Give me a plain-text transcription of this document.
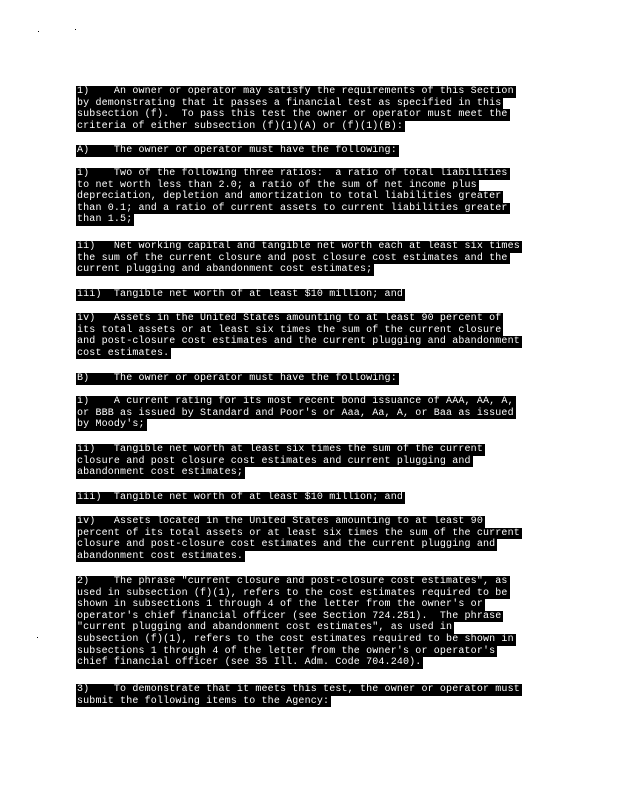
1)    An owner or operator may satisfy the requirements of this Section
by demonstrating that it passes a financial test as specified in this
subsection (f).  To pass this test the owner or operator must meet the
criteria of either subsection (f)(1)(A) or (f)(1)(B):
A)    The owner or operator must have the following:
i)    Two of the following three ratios:  a ratio of total liabilities
to net worth less than 2.0; a ratio of the sum of net income plus
depreciation, depletion and amortization to total liabilities greater
than 0.1; and a ratio of current assets to current liabilities greater
than 1.5;
ii)   Net working capital and tangible net worth each at least six times
the sum of the current closure and post closure cost estimates and the
current plugging and abandonment cost estimates;
iii)  Tangible net worth of at least $10 million; and
iv)   Assets in the United States amounting to at least 90 percent of
its total assets or at least six times the sum of the current closure
and post-closure cost estimates and the current plugging and abandonment
cost estimates.
B)    The owner or operator must have the following:
i)    A current rating for its most recent bond issuance of AAA, AA, A,
or BBB as issued by Standard and Poor's or Aaa, Aa, A, or Baa as issued
by Moody's;
ii)   Tangible net worth at least six times the sum of the current
closure and post closure cost estimates and current plugging and
abandonment cost estimates;
iii)  Tangible net worth of at least $10 million; and
iv)   Assets located in the United States amounting to at least 90
percent of its total assets or at least six times the sum of the current
closure and post-closure cost estimates and the current plugging and
abandonment cost estimates.
2)    The phrase "current closure and post-closure cost estimates", as
used in subsection (f)(1), refers to the cost estimates required to be
shown in subsections 1 through 4 of the letter from the owner's or
operator's chief financial officer (see Section 724.251).  The phrase
"current plugging and abandonment cost estimates", as used in
subsection (f)(1), refers to the cost estimates required to be shown in
subsections 1 through 4 of the letter from the owner's or operator's
chief financial officer (see 35 Ill. Adm. Code 704.240).
3)    To demonstrate that it meets this test, the owner or operator must
submit the following items to the Agency:
